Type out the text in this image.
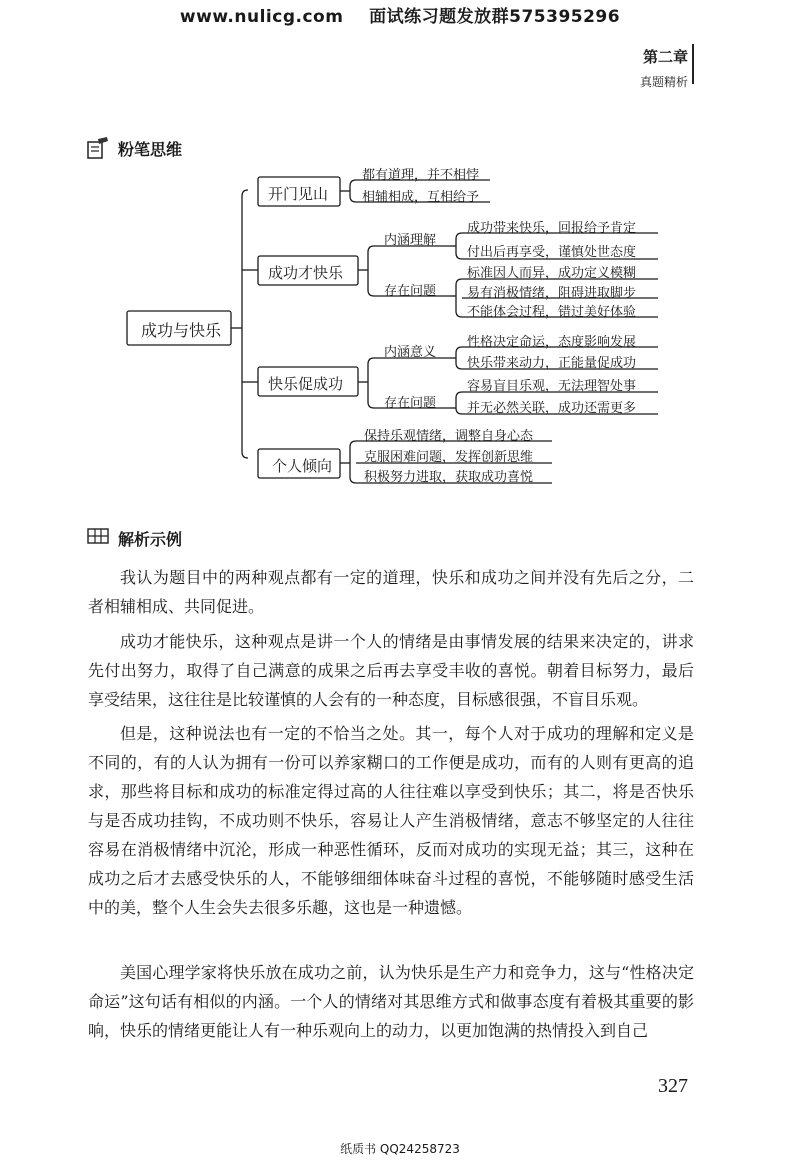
www.nulicg.com 面试练习题发放群575395296
第二章
真题精析
粉笔思维
成功与快乐
开门见山
都有道理，并不相悖
相辅相成，互相给予
成功才快乐
内涵理解
成功带来快乐，回报给予肯定
付出后再享受，谨慎处世态度
存在问题
标准因人而异，成功定义模糊
易有消极情绪，阻碍进取脚步
不能体会过程，错过美好体验
快乐促成功
内涵意义
性格决定命运，态度影响发展
快乐带来动力，正能量促成功
存在问题
容易盲目乐观，无法理智处事
并无必然关联，成功还需更多
个人倾向
保持乐观情绪，调整自身心态
克服困难问题，发挥创新思维
积极努力进取，获取成功喜悦
解析示例
我认为题目中的两种观点都有一定的道理，快乐和成功之间并没有先后之分，二者相辅相成、共同促进。
成功才能快乐，这种观点是讲一个人的情绪是由事情发展的结果来决定的，讲求先付出努力，取得了自己满意的成果之后再去享受丰收的喜悦。朝着目标努力，最后享受结果，这往往是比较谨慎的人会有的一种态度，目标感很强，不盲目乐观。
但是，这种说法也有一定的不恰当之处。其一，每个人对于成功的理解和定义是不同的，有的人认为拥有一份可以养家糊口的工作便是成功，而有的人则有更高的追求，那些将目标和成功的标准定得过高的人往往难以享受到快乐；其二，将是否快乐与是否成功挂钩，不成功则不快乐，容易让人产生消极情绪，意志不够坚定的人往往容易在消极情绪中沉沦，形成一种恶性循环，反而对成功的实现无益；其三，这种在成功之后才去感受快乐的人，不能够细细体味奋斗过程的喜悦，不能够随时感受生活中的美，整个人生会失去很多乐趣，这也是一种遗憾。
美国心理学家将快乐放在成功之前，认为快乐是生产力和竞争力，这与“性格决定命运”这句话有相似的内涵。一个人的情绪对其思维方式和做事态度有着极其重要的影响，快乐的情绪更能让人有一种乐观向上的动力，以更加饱满的热情投入到自己
327
纸质书 QQ24258723
